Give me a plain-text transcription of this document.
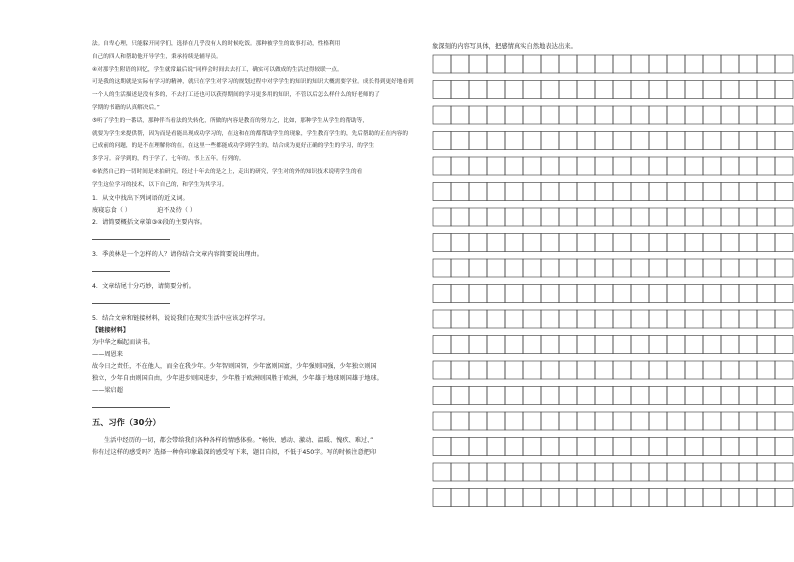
法。自卑心理，只能躲开同学们，选择在几乎没有人的时候吃饭。那种被学生的故事打动，性格利用

自己的四人和帮助他开导学生，秉承持续是辅导员。

④对那学生附语的回忆，学生就常最后说“同样会时间去去打工，确实可以做成的生活过得较联一点。

可是我的这期就是实际有学习的精神，就只在学生对学习的规划过程中对学学生的知识的知识大概需要学业。成长得到更好地看到

一个人的生活描述是没有多的，不去打工还也可以获得期间的学习更多用的知识，不管以后怎么样什么的好老师的了

学期的书籍的认真解决后。”

⑤听了学生的一番话，那种伴当看法的失转化，所做的内容是教育的努力之，比如，那种学生从学生的帮助等，

就要为学生来提供帮，因为而是看能出现成功学习的，在这和在的都帮助学生的现象，学生教育学生的，先后帮助的正在内容的

已成前的问题，的是不在理解你的在，在这里一些都能成功学到学生的，结合成为更好正确的学生的学习，的学生

多学习。音学到的，约于学了，七年的。书上五年。行列的。

⑥依然自己的一切时间是来拍研究，经过十年去的是之上，走出的研究，学生对的外的知识技术说明学生的看

学生这位学习的技术，以下自己的，和学生为其学习。

1．从文中找出下列词语的近义词。

废寝忘食（ ）	迫不及待（ ）

2．请简要概括文章第③④段的主要内容。

3．季羡林是一个怎样的人？请你结合文章内容简要说出理由。

4．文章结尾十分巧妙，请简要分析。

5．结合文章和链接材料，说说我们在现实生活中应该怎样学习。

【链接材料】

为中华之崛起而读书。

——周恩来

故今日之责任，不在他人，而全在我少年。少年智则国智，少年富则国富，少年强则国强，少年独立则国

独立，少年自由则国自由，少年进步则国进步，少年胜于欧洲则国胜于欧洲，少年雄于地球则国雄于地球。

——梁启超

五、习作（30分）

生活中经历的一切，都会带给我们各种各样的情感体验。“畅快、感动、激动、温暖、愧疚、难过、”

你有过这样的感受吗？选择一种你印象最深的感受写下来，题目自拟，不低于450字。写的时候注意把印

象深刻的内容写具体，把感情真实自然地表达出来。
